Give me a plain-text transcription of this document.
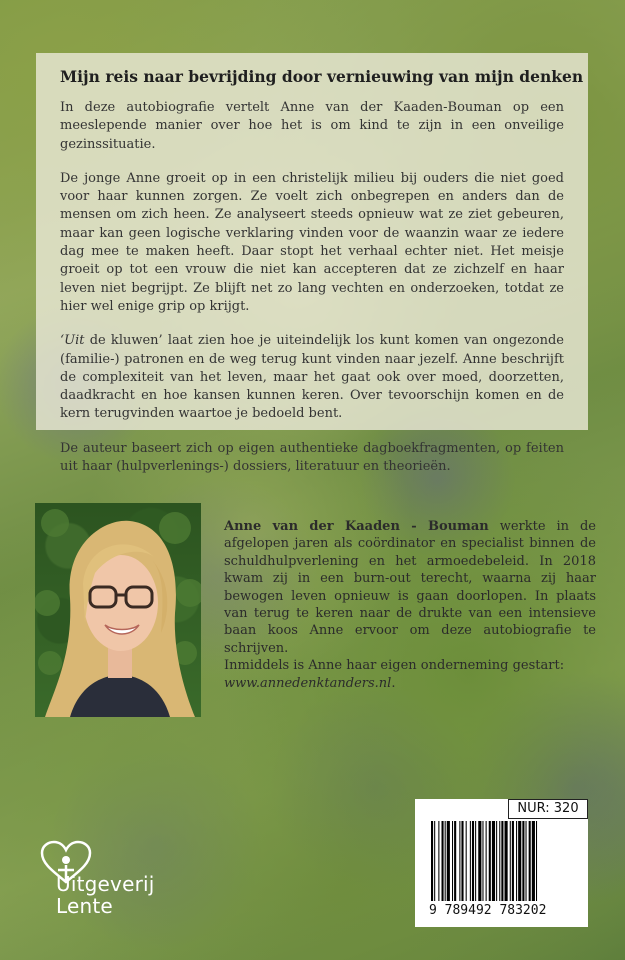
Mijn reis naar bevrijding door vernieuwing van mijn denken

In deze autobiografie vertelt Anne van der Kaaden-Bouman op een meeslepende manier over hoe het is om kind te zijn in een onveilige gezinssituatie.

De jonge Anne groeit op in een christelijk milieu bij ouders die niet goed voor haar kunnen zorgen. Ze voelt zich onbegrepen en anders dan de mensen om zich heen. Ze analyseert steeds opnieuw wat ze ziet gebeuren, maar kan geen logische verklaring vinden voor de waanzin waar ze iedere dag mee te maken heeft. Daar stopt het verhaal echter niet. Het meisje groeit op tot een vrouw die niet kan accepteren dat ze zichzelf en haar leven niet begrijpt. Ze blijft net zo lang vechten en onderzoeken, totdat ze hier wel enige grip op krijgt.

‘Uit de kluwen’ laat zien hoe je uiteindelijk los kunt komen van ongezonde (familie-) patronen en de weg terug kunt vinden naar jezelf. Anne beschrijft de complexiteit van het leven, maar het gaat ook over moed, doorzetten, daadkracht en hoe kansen kunnen keren. Over tevoorschijn komen en de kern terugvinden waartoe je bedoeld bent.

De auteur baseert zich op eigen authentieke dagboekfragmenten, op feiten uit haar (hulpverlenings-) dossiers, literatuur en theorieën.

Anne van der Kaaden - Bouman werkte in de afgelopen jaren als coördinator en specialist binnen de schuldhulpverlening en het armoedebeleid. In 2018 kwam zij in een burn-out terecht, waarna zij haar bewogen leven opnieuw is gaan doorlopen. In plaats van terug te keren naar de drukte van een intensieve baan koos Anne ervoor om deze autobiografie te schrijven.
Inmiddels is Anne haar eigen onderneming gestart:
www.annedenktanders.nl.
Uitgeverij
Lente
NUR: 320
9 789492 783202
